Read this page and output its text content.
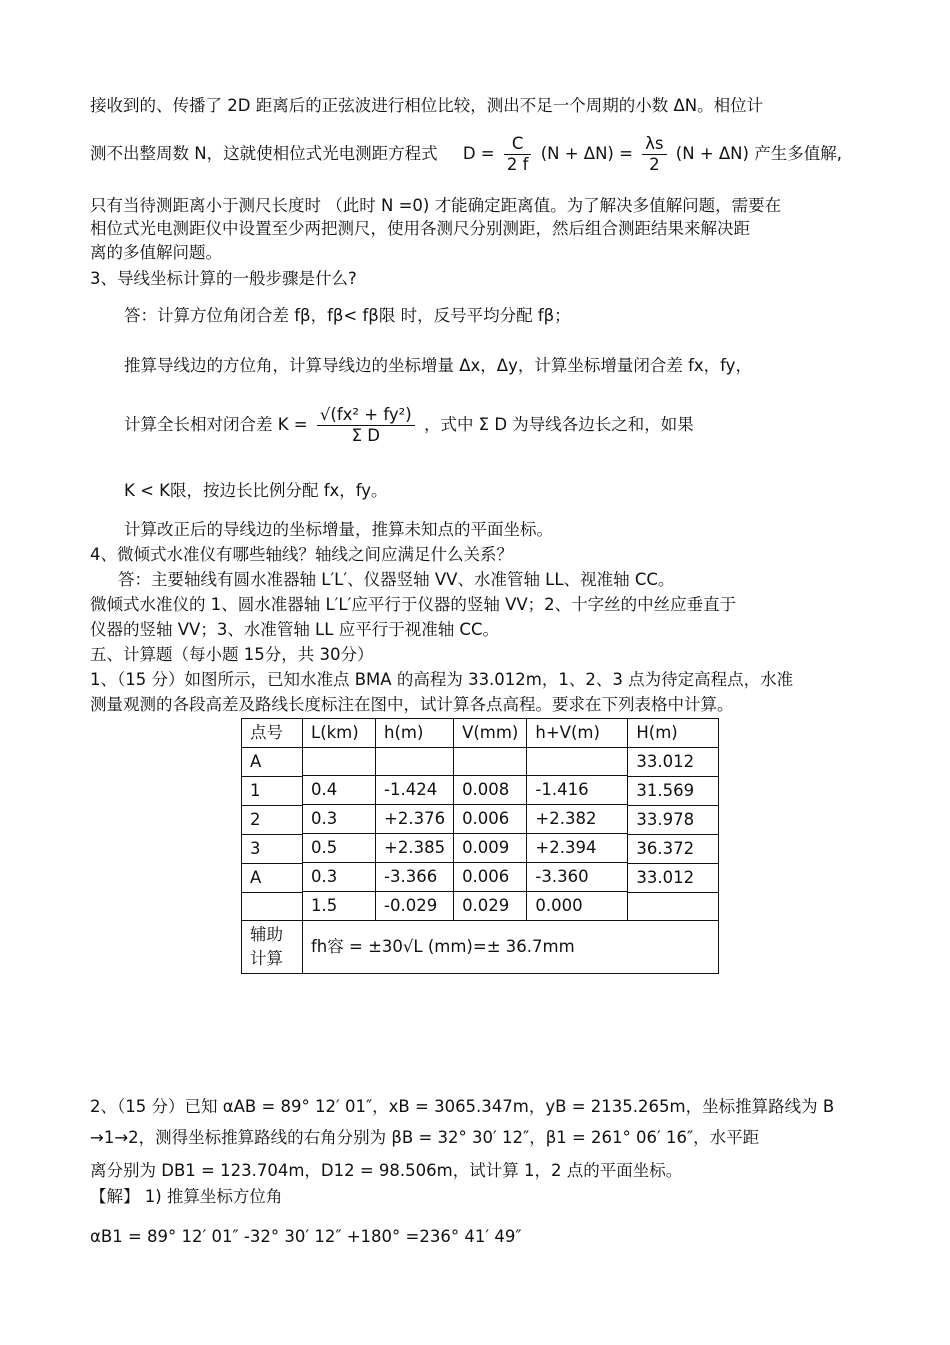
接收到的、传播了 2D 距离后的正弦波进行相位比较，测出不足一个周期的小数 ΔN。相位计
测不出整周数 N，这就使相位式光电测距方程式 $D = \frac{C}{2 f} (N + \Delta N) = \frac{\lambda s}{2} (N + \Delta N)$ 产生多值解,
只有当待测距离小于测尺长度时 （此时 N =0) 才能确定距离值。为了解决多值解问题，需要在
相位式光电测距仪中设置至少两把测尺，使用各测尺分别测距，然后组合测距结果来解决距
离的多值解问题。
3、导线坐标计算的一般步骤是什么?
答：计算方位角闭合差 fβ，fβ< fβ限 时，反号平均分配 fβ；
推算导线边的方位角，计算导线边的坐标增量 Δx，Δy，计算坐标增量闭合差 fx，fy，
计算全长相对闭合差 $K = \frac{\text{√(fx² + fy²)}}{\text{Σ D}}$ ，式中 Σ D 为导线各边长之和，如果
K < K限，按边长比例分配 fx，fy。
计算改正后的导线边的坐标增量，推算未知点的平面坐标。
4、微倾式水准仪有哪些轴线？轴线之间应满足什么关系？
答：主要轴线有圆水准器轴 L′L′、仪器竖轴 VV、水准管轴 LL、视准轴 CC。
微倾式水准仪的 1、圆水准器轴 L′L′应平行于仪器的竖轴 VV；2、十字丝的中丝应垂直于
仪器的竖轴 VV；3、水准管轴 LL 应平行于视准轴 CC。
五、计算题（每小题 15分，共 30分）
1、（15 分）如图所示，已知水准点 BMA 的高程为 33.012m，1、2、3 点为待定高程点，水准
测量观测的各段高差及路线长度标注在图中，试计算各点高程。要求在下列表格中计算。
点号	L(km)	h(m)	V(mm)	h+V(m)	H(m)
A					33.012
	0.4	-1.424	0.008	-1.416	
1					31.569
	0.3	+2.376	0.006	+2.382	
2					33.978
	0.5	+2.385	0.009	+2.394	
3					36.372
	0.3	-3.366	0.006	-3.360	
A					33.012
	1.5	-0.029	0.029	0.000	

辅助计算	fh容 = ±30√L (mm)=± 36.7mm				
2、（15 分）已知 αAB = 89° 12′ 01″，xB = 3065.347m，yB = 2135.265m，坐标推算路线为 B
→1→2，测得坐标推算路线的右角分别为 βB = 32° 30′ 12″，β1 = 261° 06′ 16″，水平距
离分别为 DB1 = 123.704m，D12 = 98.506m，试计算 1，2 点的平面坐标。
【解】 1) 推算坐标方位角
αB1 = 89° 12′ 01″ -32° 30′ 12″ +180° =236° 41′ 49″
